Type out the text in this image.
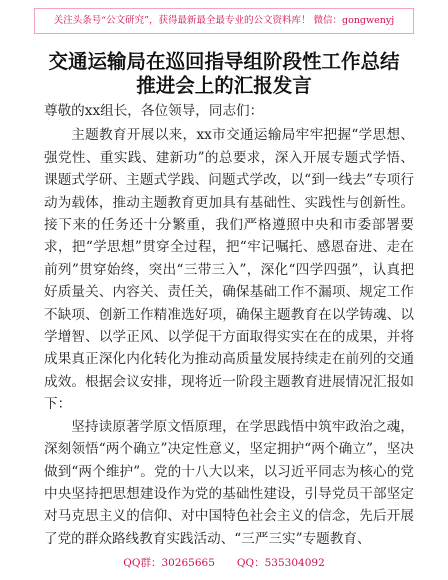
关注头条号“公文研究”，获得最新最全最专业的公文资料库！ 微信：gongwenyj
交通运输局在巡回指导组阶段性工作总结推进会上的汇报发言

尊敬的xx组长，各位领导，同志们：

主题教育开展以来，xx市交通运输局牢牢把握“学思想、强党性、重实践、建新功”的总要求，深入开展专题式学悟、课题式学研、主题式学践、问题式学改，以“到一线去”专项行动为载体，推动主题教育更加具有基础性、实践性与创新性。接下来的任务还十分繁重，我们严格遵照中央和市委部署要求，把“学思想”贯穿全过程，把“牢记嘱托、感恩奋进、走在前列”贯穿始终，突出“三带三入”，深化“四学四强”，认真把好质量关、内容关、责任关，确保基础工作不漏项、规定工作不缺项、创新工作精准选好项，确保主题教育在以学铸魂、以学增智、以学正风、以学促干方面取得实实在在的成果，并将成果真正深化内化转化为推动高质量发展持续走在前列的交通成效。根据会议安排，现将近一阶段主题教育进展情况汇报如下：

坚持读原著学原文悟原理，在学思践悟中筑牢政治之魂，深刻领悟“两个确立”决定性意义，坚定拥护“两个确立”，坚决做到“两个维护”。党的十八大以来，以习近平同志为核心的党中央坚持把思想建设作为党的基础性建设，引导党员干部坚定对马克思主义的信仰、对中国特色社会主义的信念，先后开展了党的群众路线教育实践活动、“三严三实”专题教育、

QQ群：30265665 QQ：535304092
